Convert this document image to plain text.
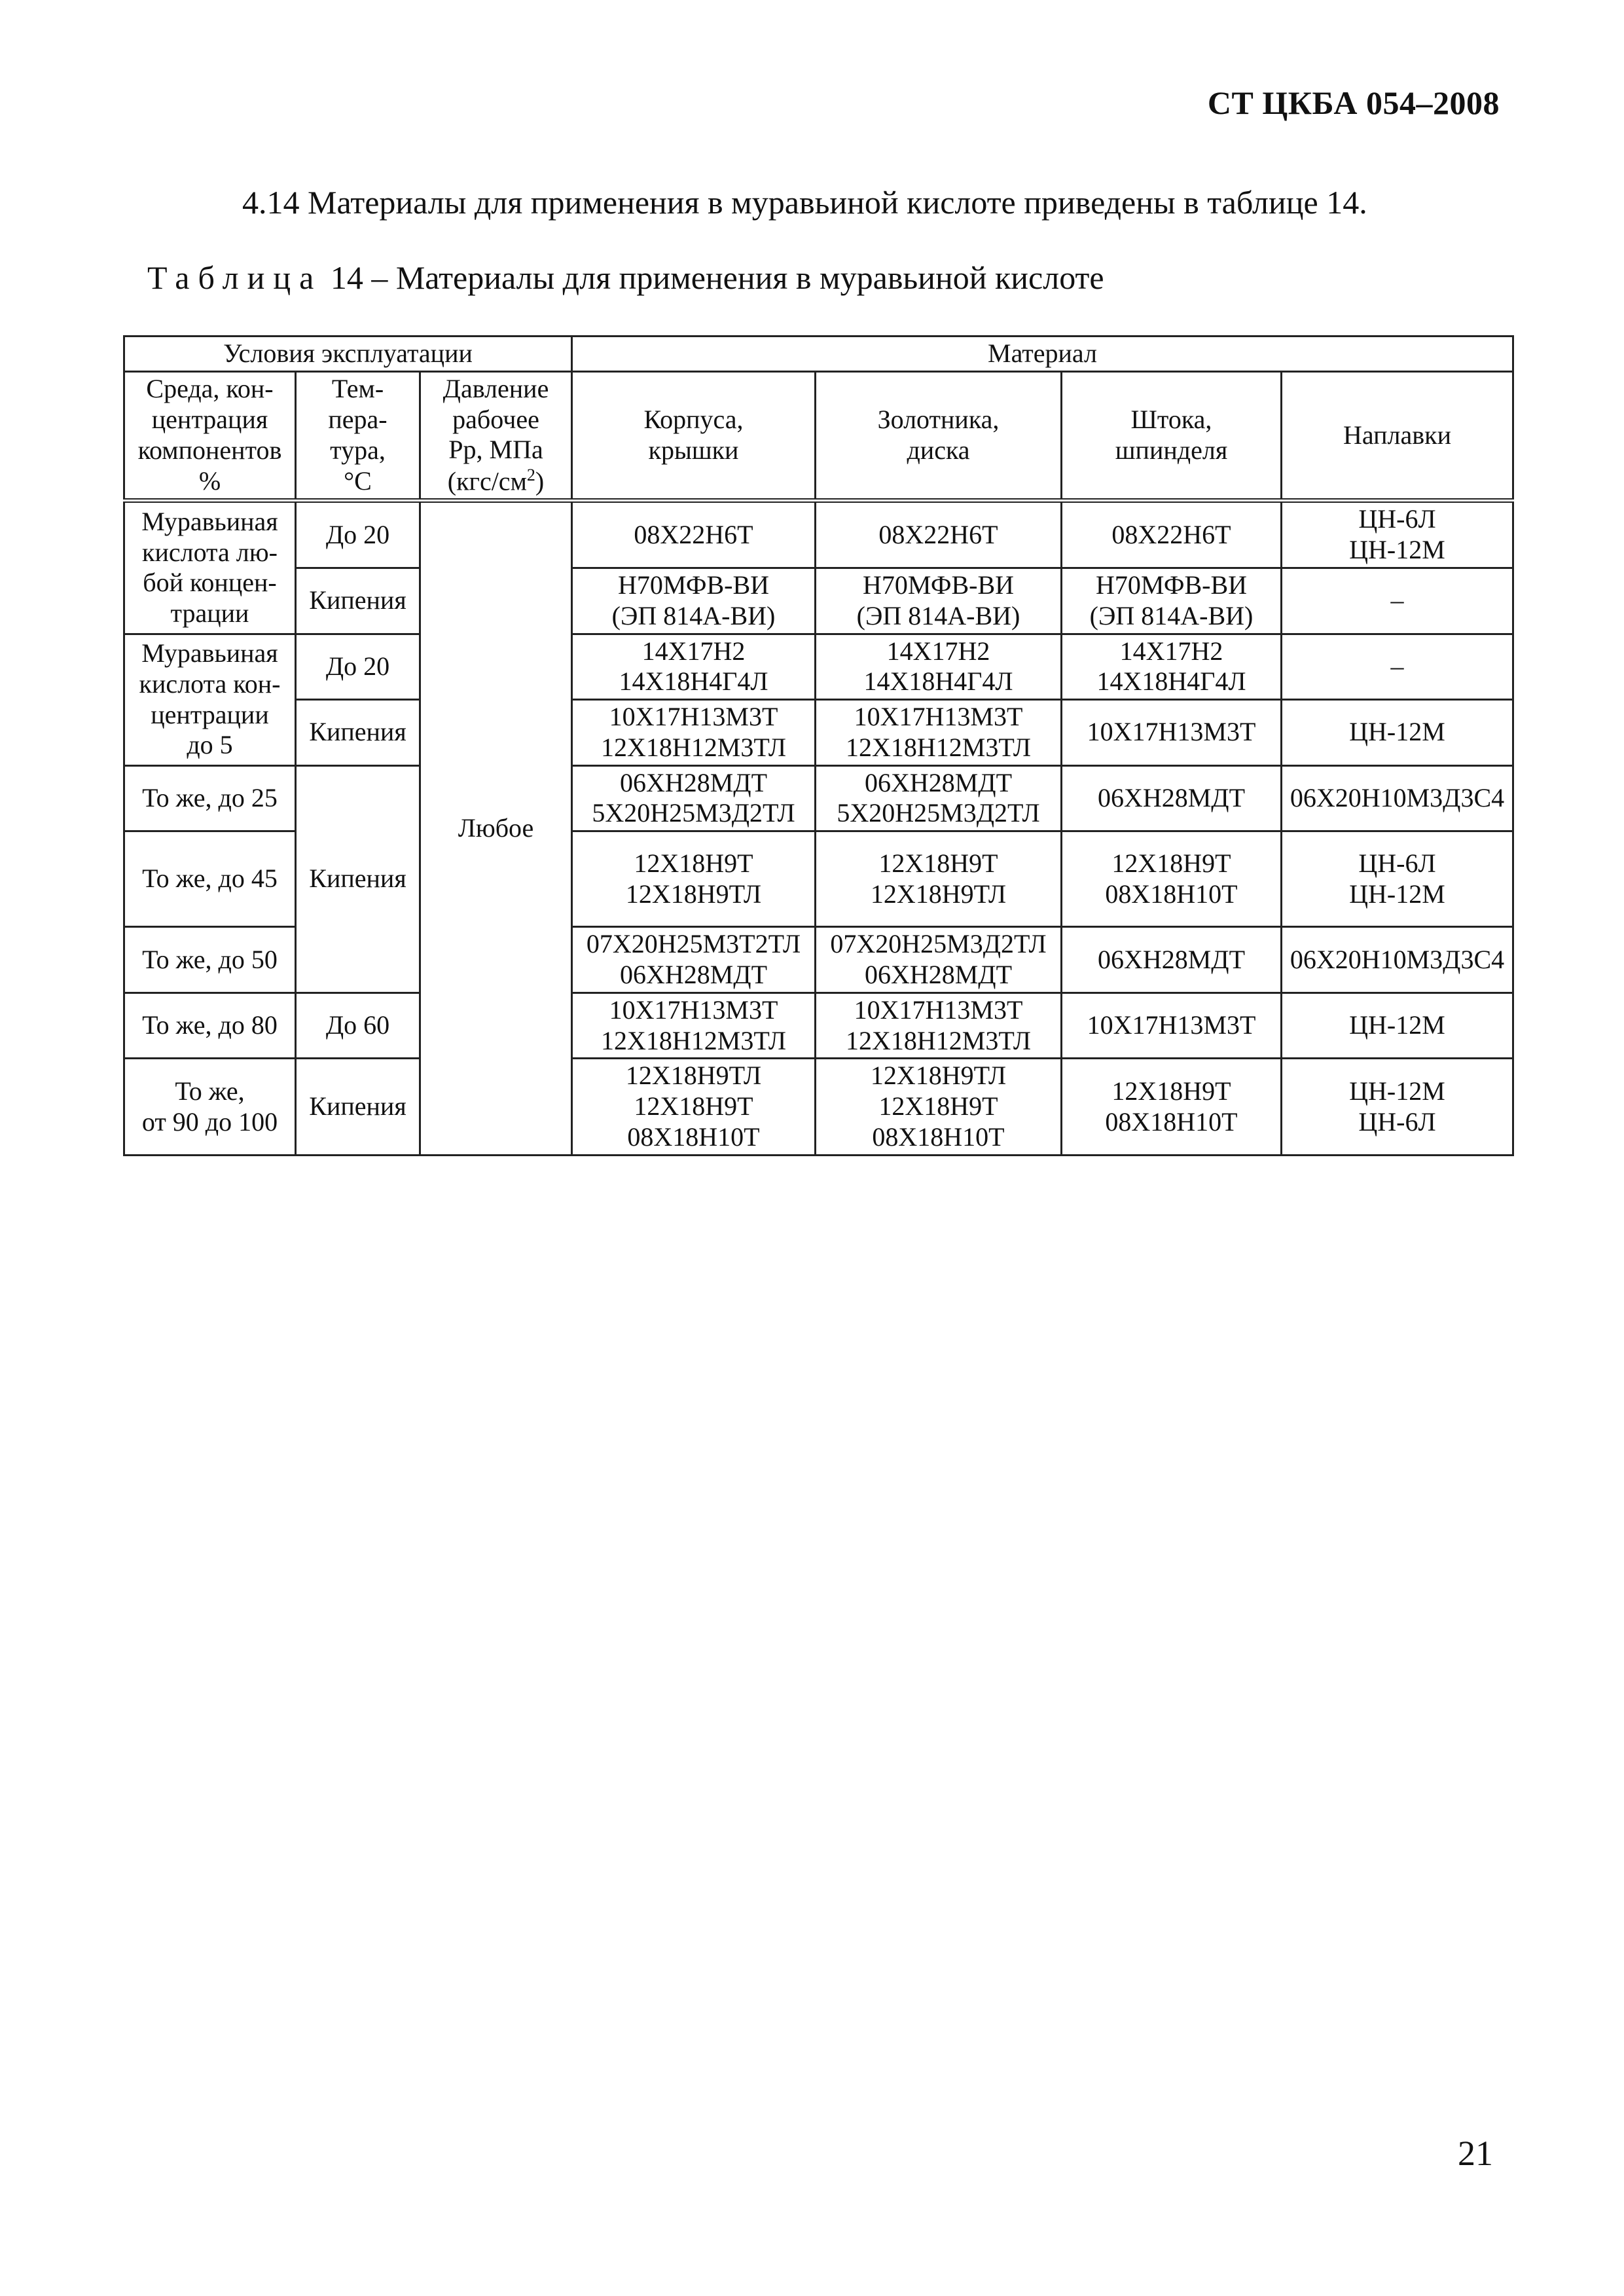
СТ ЦКБА 054–2008
4.14 Материалы для применения в муравьиной кислоте приведены в таблице 14.
Таблица 14 – Материалы для применения в муравьиной кислоте
Условия эксплуатации			Материал			
Среда, кон-
центрация
компонентов
%	Тем-
пера-
тура,
°C	Давление
рабочее
Рр, МПа
$(кгс/см^2)$	Корпуса,
крышки	Золотника,
диска	Штока,
шпинделя	Наплавки
Муравьиная
кислота лю-
бой концен-
трации	До 20	Любое	08Х22Н6Т	08Х22Н6Т	08Х22Н6Т	ЦН-6Л
ЦН-12М
	Кипения		Н70МФВ-ВИ
(ЭП 814А-ВИ)	Н70МФВ-ВИ
(ЭП 814А-ВИ)	Н70МФВ-ВИ
(ЭП 814А-ВИ)	–
Муравьиная
кислота кон-
центрации
до 5	До 20		14Х17Н2
14Х18Н4Г4Л	14Х17Н2
14Х18Н4Г4Л	14Х17Н2
14Х18Н4Г4Л	–
	Кипения		10Х17Н13М3Т
12Х18Н12М3ТЛ	10Х17Н13М3Т
12Х18Н12М3ТЛ	10Х17Н13М3Т	ЦН-12М
То же, до 25	Кипения		06ХН28МДТ
5Х20Н25М3Д2ТЛ	06ХН28МДТ
5Х20Н25М3Д2ТЛ	06ХН28МДТ	06Х20Н10М3Д3С4
То же, до 45			12Х18Н9Т
12Х18Н9ТЛ	12Х18Н9Т
12Х18Н9ТЛ	12Х18Н9Т
08Х18Н10Т	ЦН-6Л
ЦН-12М
То же, до 50			07Х20Н25М3Т2ТЛ
06ХН28МДТ	07Х20Н25М3Д2ТЛ
06ХН28МДТ	06ХН28МДТ	06Х20Н10М3Д3С4
То же, до 80	До 60		10Х17Н13М3Т
12Х18Н12М3ТЛ	10Х17Н13М3Т
12Х18Н12М3ТЛ	10Х17Н13М3Т	ЦН-12М
То же,
от 90 до 100	Кипения		12Х18Н9ТЛ
12Х18Н9Т
08Х18Н10Т	12Х18Н9ТЛ
12Х18Н9Т
08Х18Н10Т	12Х18Н9Т
08Х18Н10Т	ЦН-12М
ЦН-6Л
21
